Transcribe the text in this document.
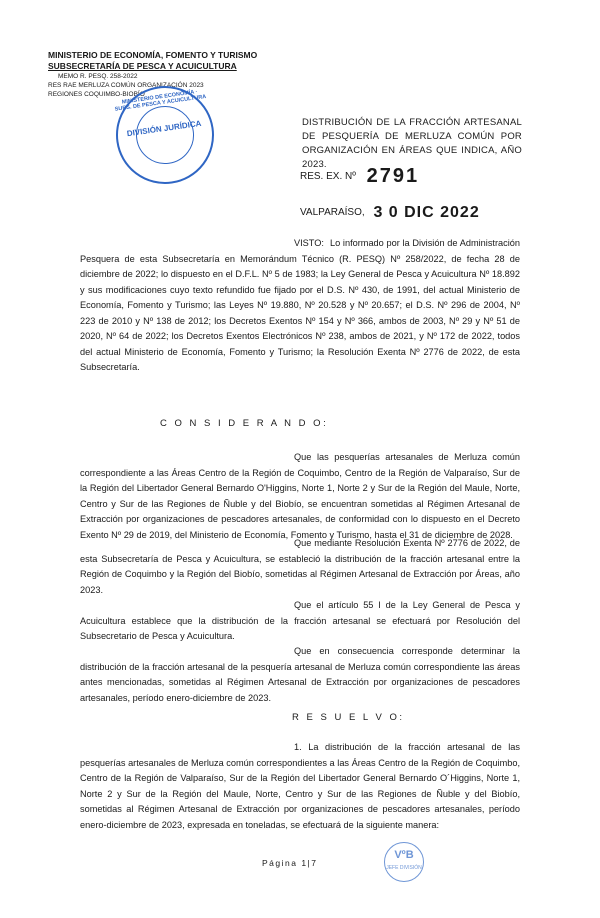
MINISTERIO DE ECONOMÍA, FOMENTO Y TURISMO
SUBSECRETARÍA DE PESCA Y ACUICULTURA
MEMO R. PESQ. 258-2022
RES RAE MERLUZA COMÚN ORGANIZACIÓN 2023
REGIONES COQUIMBO-BIOBÍO
MINISTERIO DE ECONOMÍA · SUBS. DE PESCA Y ACUICULTURA
DIVISIÓN JURÍDICA	DISTRIBUCIÓN DE LA FRACCIÓN ARTESANAL DE PESQUERÍA DE MERLUZA COMÚN POR ORGANIZACIÓN EN ÁREAS QUE INDICA, AÑO 2023.
RES. EX. Nº 2791
VALPARAÍSO, 3 0 DIC 2022

VISTO: Lo informado por la División de Administración Pesquera de esta Subsecretaría en Memorándum Técnico (R. PESQ) Nº 258/2022, de fecha 28 de diciembre de 2022; lo dispuesto en el D.F.L. Nº 5 de 1983; la Ley General de Pesca y Acuicultura Nº 18.892 y sus modificaciones cuyo texto refundido fue fijado por el D.S. Nº 430, de 1991, del actual Ministerio de Economía, Fomento y Turismo; las Leyes Nº 19.880, Nº 20.528 y Nº 20.657; el D.S. Nº 296 de 2004, Nº 223 de 2010 y Nº 138 de 2012; los Decretos Exentos Nº 154 y Nº 366, ambos de 2003, Nº 29 y Nº 51 de 2020, Nº 64 de 2022; los Decretos Exentos Electrónicos Nº 238, ambos de 2021, y Nº 172 de 2022, todos del actual Ministerio de Economía, Fomento y Turismo; la Resolución Exenta Nº 2776 de 2022, de esta Subsecretaría.

C O N S I D E R A N D O:

Que las pesquerías artesanales de Merluza común correspondiente a las Áreas Centro de la Región de Coquimbo, Centro de la Región de Valparaíso, Sur de la Región del Libertador General Bernardo O'Higgins, Norte 1, Norte 2 y Sur de la Región del Maule, Norte, Centro y Sur de las Regiones de Ñuble y del Biobío, se encuentran sometidas al Régimen Artesanal de Extracción por organizaciones de pescadores artesanales, de conformidad con lo dispuesto en el Decreto Exento Nº 29 de 2019, del Ministerio de Economía, Fomento y Turismo, hasta el 31 de diciembre de 2028.

Que mediante Resolución Exenta Nº 2776 de 2022, de esta Subsecretaría de Pesca y Acuicultura, se estableció la distribución de la fracción artesanal entre la Región de Coquimbo y la Región del Biobío, sometidas al Régimen Artesanal de Extracción por Áreas, año 2023.

Que el artículo 55 I de la Ley General de Pesca y Acuicultura establece que la distribución de la fracción artesanal se efectuará por Resolución del Subsecretario de Pesca y Acuicultura.

Que en consecuencia corresponde determinar la distribución de la fracción artesanal de la pesquería artesanal de Merluza común correspondiente las áreas antes mencionadas, sometidas al Régimen Artesanal de Extracción por organizaciones de pescadores artesanales, período enero-diciembre de 2023.

R E S U E L V O:

1. La distribución de la fracción artesanal de las pesquerías artesanales de Merluza común correspondientes a las Áreas Centro de la Región de Coquimbo, Centro de la Región de Valparaíso, Sur de la Región del Libertador General Bernardo O´Higgins, Norte 1, Norte 2 y Sur de la Región del Maule, Norte, Centro y Sur de las Regiones de Ñuble y del Biobío, sometidas al Régimen Artesanal de Extracción por organizaciones de pescadores artesanales, período enero-diciembre de 2023, expresada en toneladas, se efectuará de la siguiente manera:

Página 1|7
VºB
JEFE DIVISIÓN
